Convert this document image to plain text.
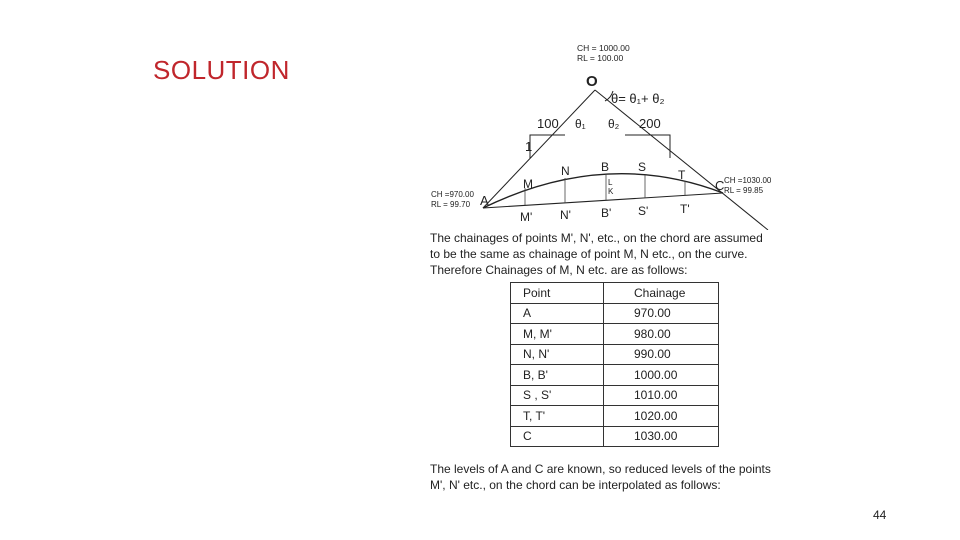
SOLUTION
CH = 1000.00
RL = 100.00
O
θ= θ₁+ θ₂
100 θ₁ θ₂ 200
1
M
N	B S
T
L
K
CH =970.00
RL = 99.70 A
C CH =1030.00
RL = 99.85
M' N'	B' S'	T'
The chainages of points M', N', etc., on the chord are assumed
to be the same as chainage of point M, N etc., on the curve.
Therefore Chainages of M, N etc. are as follows:
Point	Chainage
A	970.00
M, M'	980.00
N, N'	990.00
B, B'	1000.00
S , S'	1010.00
T, T'	1020.00
C	1030.00
The levels of A and C are known, so reduced levels of the points
M', N' etc., on the chord can be interpolated as follows:
44
